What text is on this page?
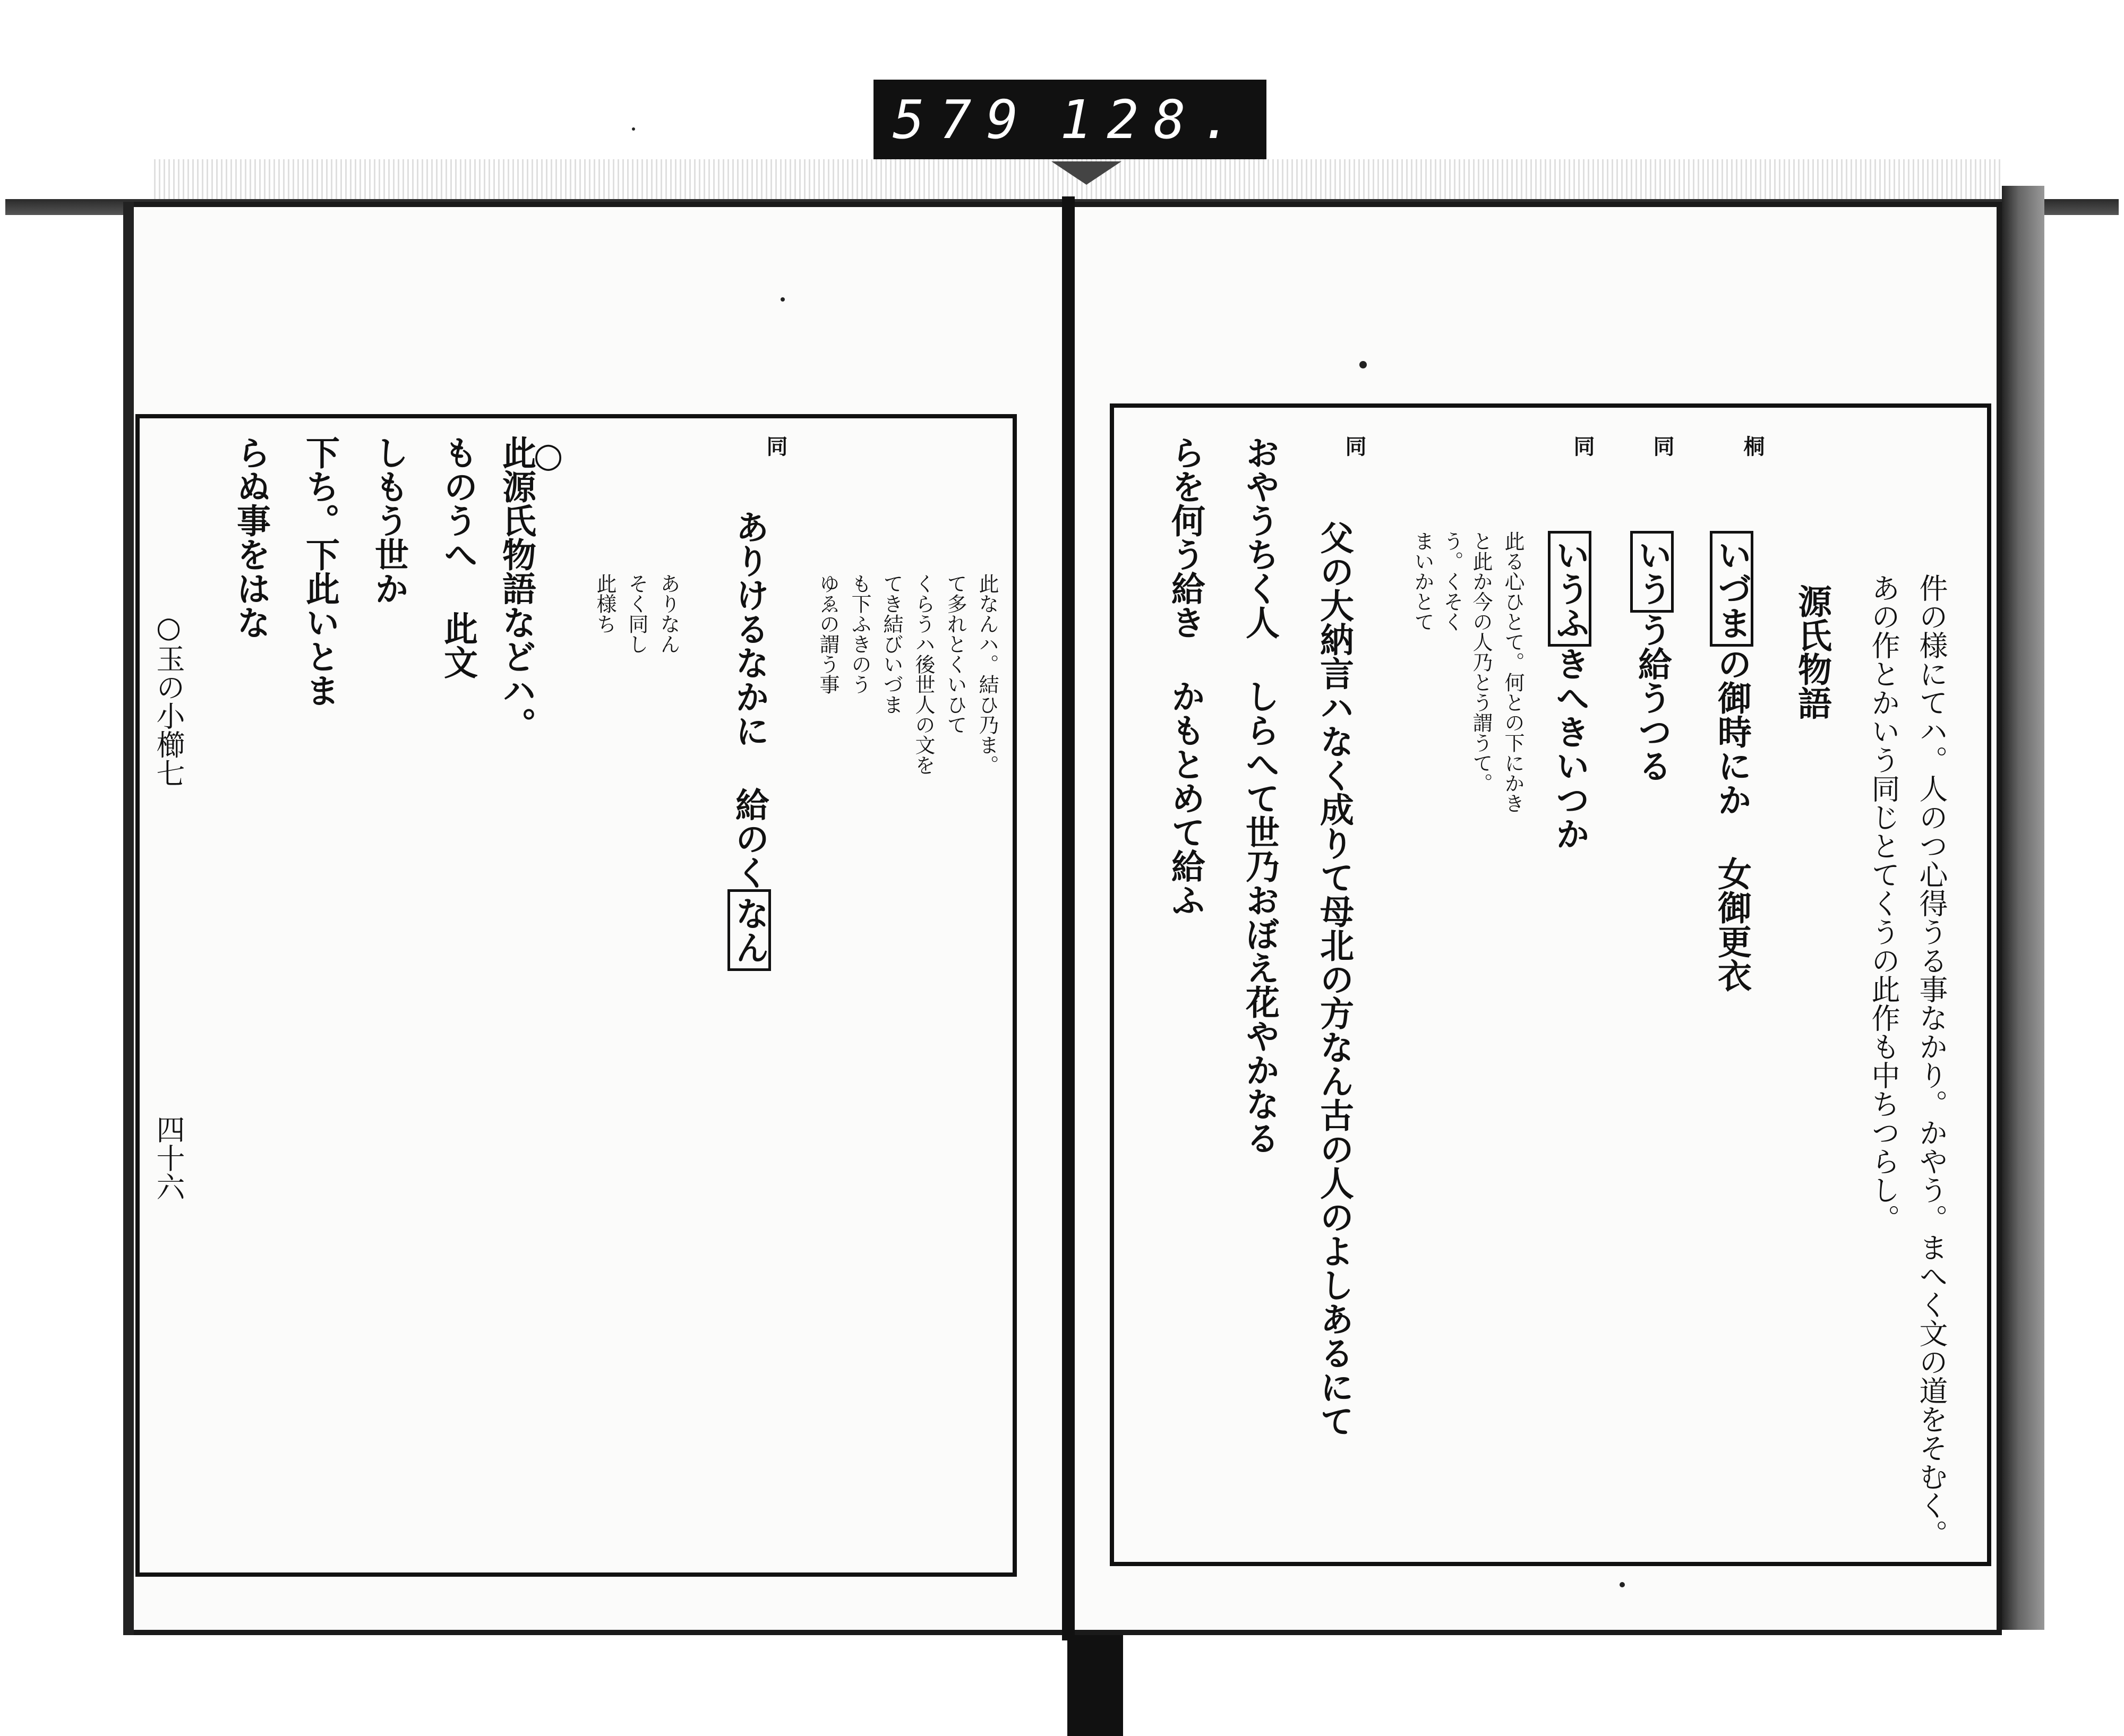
579 128.
件の様にてハ。人のつ心得うる事なかり。かやう。まへく文の道をそむく。
あの作とかいう同じとてくうの此作も中ちつらし。
源氏物語
桐
いづまの御時にか 女御更衣
同
いうう給うつる
同
いうふきへきいつか
此る心ひとて。何との下にかき
と此か今の人乃とう謂うて。
う。くそく
まいかとて
同
父の大納言ハなく成りて母北の方なん古の人のよしあるにて
おやうちく人 しらへて世乃おぼえ花やかなる
らを何う給き かもとめて給ふ
此なんハ。結ひ乃ま。
て多れとくいひて
くらうハ後世人の文を
てき結びいづま
も下ふきのう
ゆゑの謂う事
同
ありけるなかに 給のくなん
ありなん
そく同し
此様ち
○
此源氏物語などハ。
ものうへ 此文
しもう世か
下ち。下此いとま
らぬ事をはな
○玉の小櫛七
四十六
